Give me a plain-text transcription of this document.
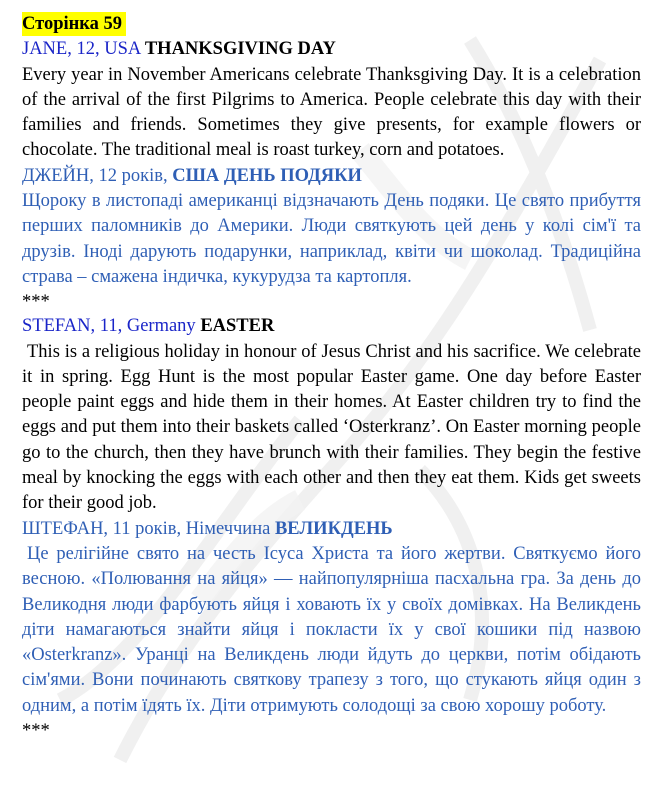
Сторінка 59
JANE, 12, USA THANKSGIVING DAY
Every year in November Americans celebrate Thanksgiving Day. It is a celebration of the arrival of the first Pilgrims to America. People celebrate this day with their families and friends. Sometimes they give presents, for example flowers or chocolate. The traditional meal is roast turkey, corn and potatoes.
ДЖЕЙН, 12 років, США ДЕНЬ ПОДЯКИ
Щороку в листопаді американці відзначають День подяки. Це свято прибуття перших паломників до Америки. Люди святкують цей день у колі сім'ї та друзів. Іноді дарують подарунки, наприклад, квіти чи шоколад. Традиційна страва – смажена індичка, кукурудза та картопля.
***
STEFAN, 11, Germany EASTER
This is a religious holiday in honour of Jesus Christ and his sacrifice. We celebrate it in spring. Egg Hunt is the most popular Easter game. One day before Easter people paint eggs and hide them in their homes. At Easter children try to find the eggs and put them into their baskets called ‘Osterkranz’. On Easter morning people go to the church, then they have brunch with their families. They begin the festive meal by knocking the eggs with each other and then they eat them. Kids get sweets for their good job.
ШТЕФАН, 11 років, Німеччина ВЕЛИКДЕНЬ
Це релігійне свято на честь Ісуса Христа та його жертви. Святкуємо його весною. «Полювання на яйця» — найпопулярніша пасхальна гра. За день до Великодня люди фарбують яйця і ховають їх у своїх домівках. На Великдень діти намагаються знайти яйця і покласти їх у свої кошики під назвою «Osterkranz». Уранці на Великдень люди йдуть до церкви, потім обідають сім'ями. Вони починають святкову трапезу з того, що стукають яйця один з одним, а потім їдять їх. Діти отримують солодощі за свою хорошу роботу.
***
